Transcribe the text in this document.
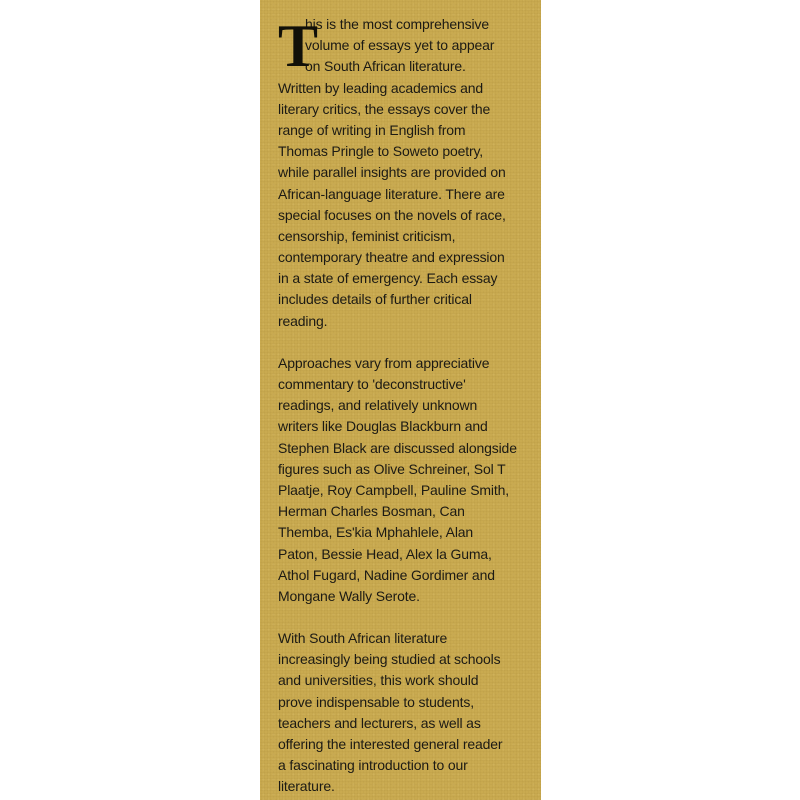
T
his is the most comprehensive
volume of essays yet to appear
on South African literature.
Written by leading academics and
literary critics, the essays cover the
range of writing in English from
Thomas Pringle to Soweto poetry,
while parallel insights are provided on
African-language literature. There are
special focuses on the novels of race,
censorship, feminist criticism,
contemporary theatre and expression
in a state of emergency. Each essay
includes details of further critical
reading.
Approaches vary from appreciative
commentary to 'deconstructive'
readings, and relatively unknown
writers like Douglas Blackburn and
Stephen Black are discussed alongside
figures such as Olive Schreiner, Sol T
Plaatje, Roy Campbell, Pauline Smith,
Herman Charles Bosman, Can
Themba, Es'kia Mphahlele, Alan
Paton, Bessie Head, Alex la Guma,
Athol Fugard, Nadine Gordimer and
Mongane Wally Serote.
With South African literature
increasingly being studied at schools
and universities, this work should
prove indispensable to students,
teachers and lecturers, as well as
offering the interested general reader
a fascinating introduction to our
literature.
